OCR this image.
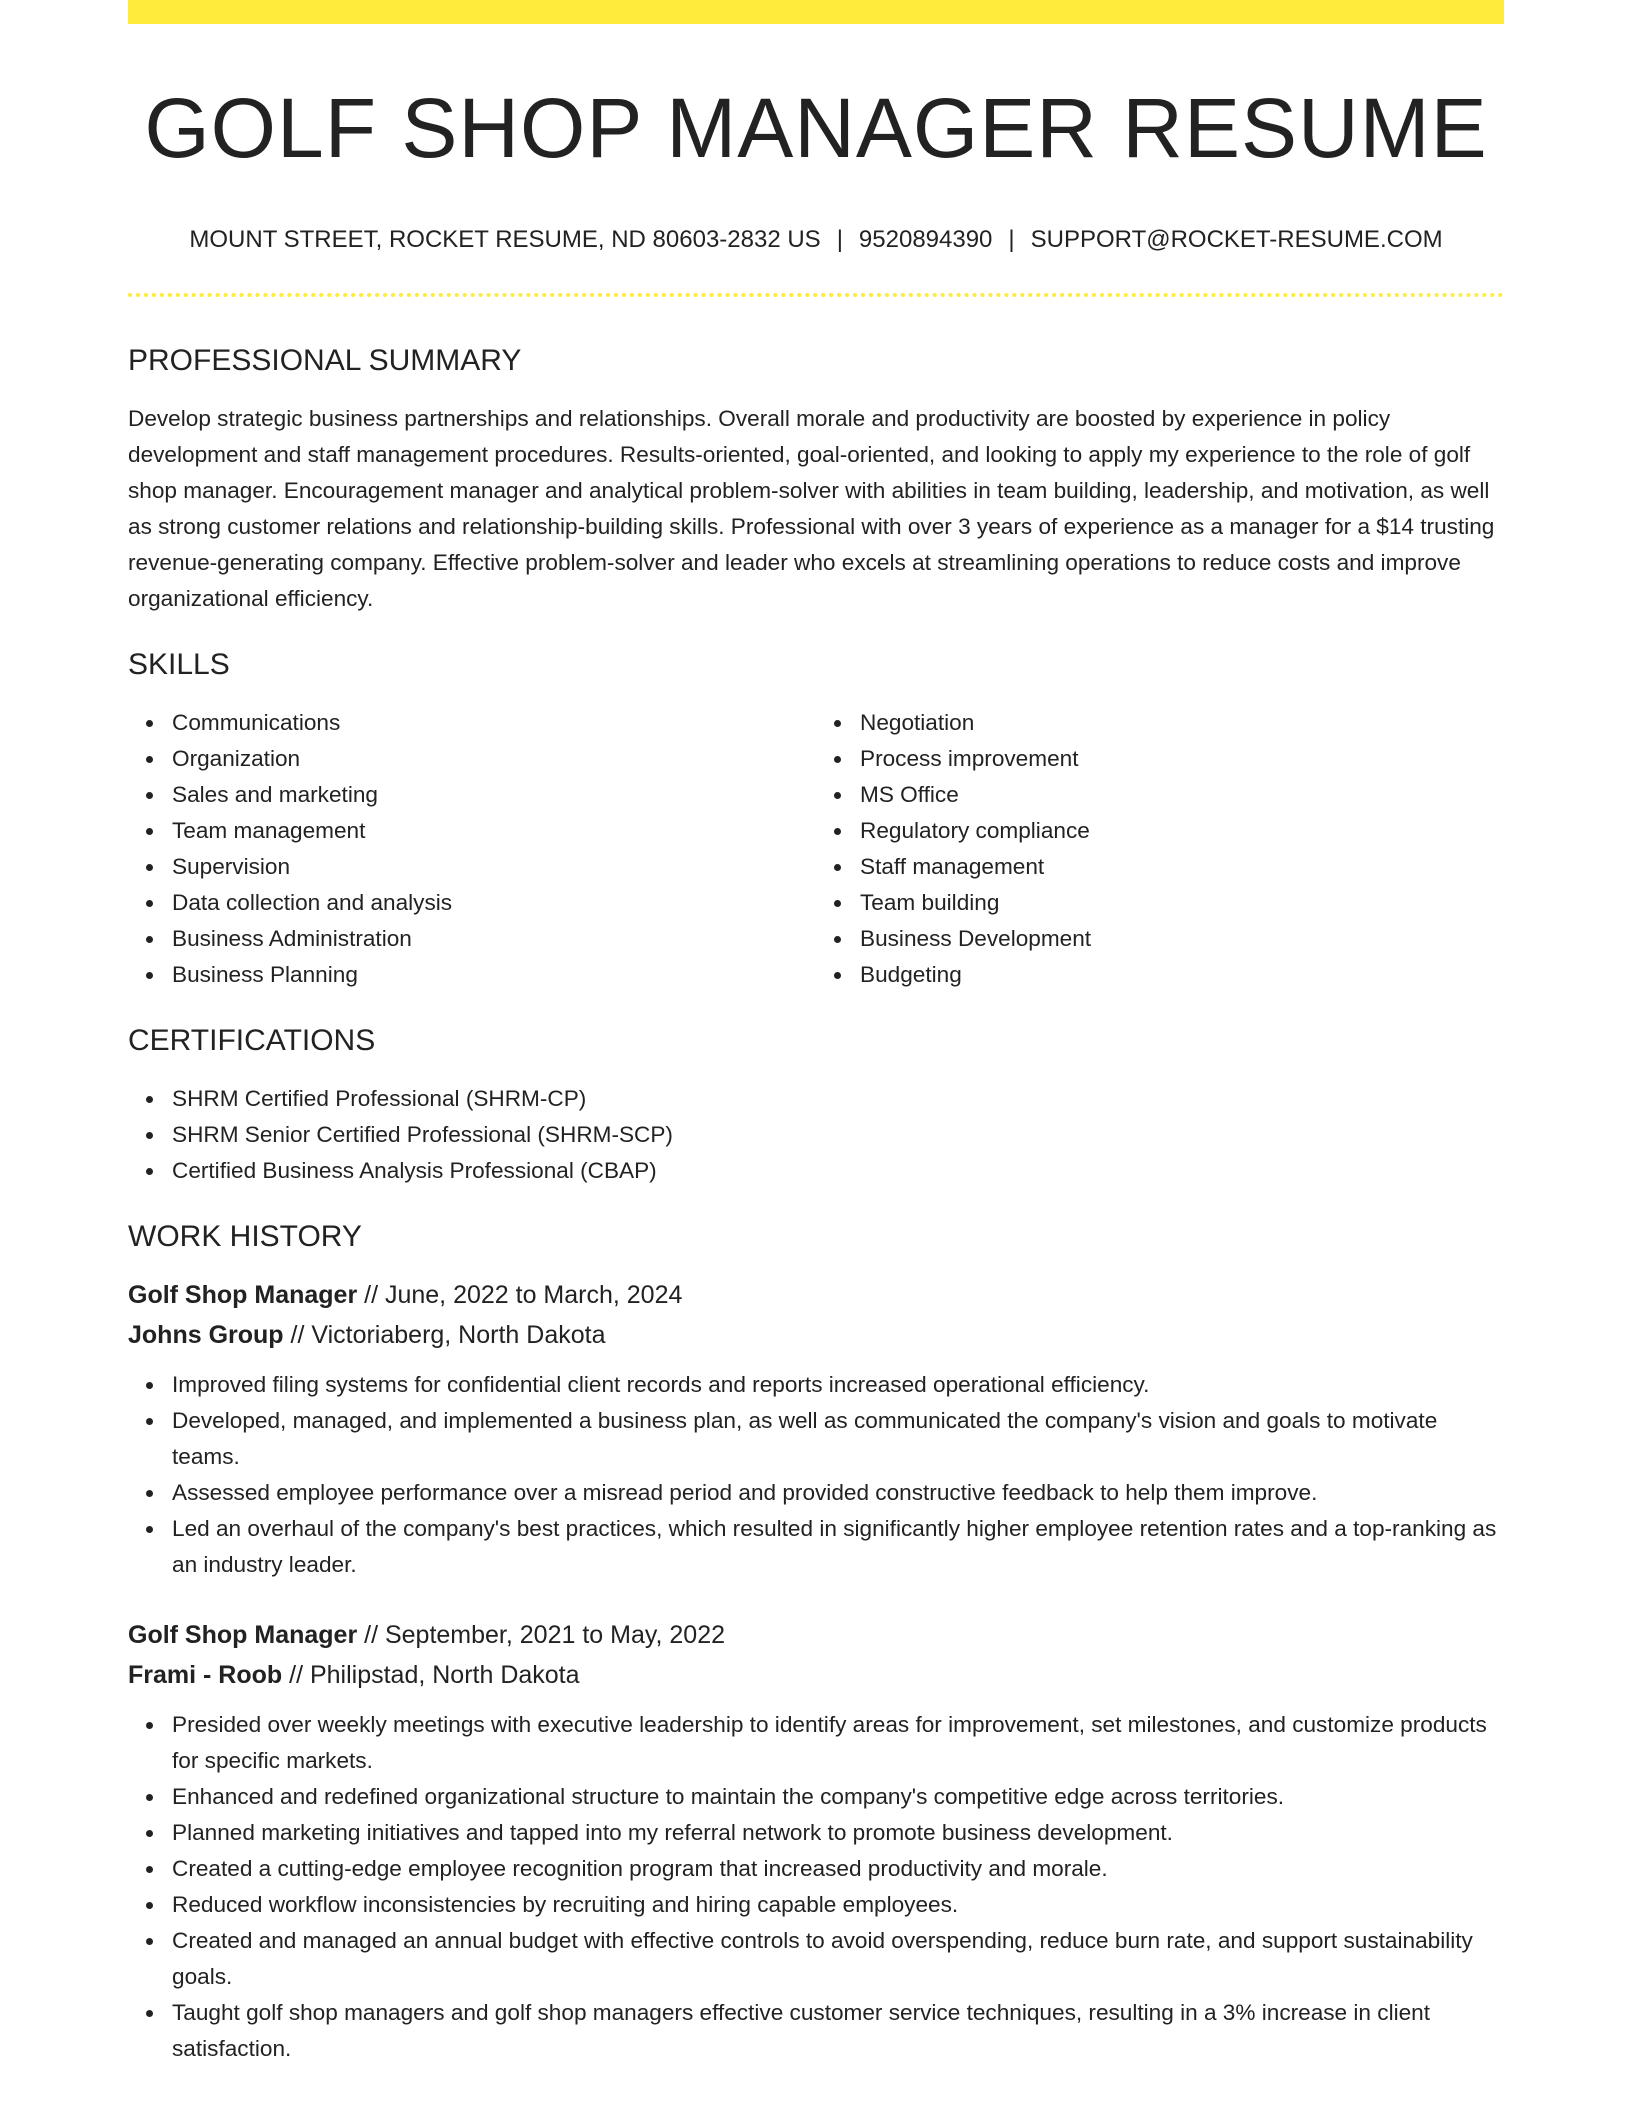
GOLF SHOP MANAGER RESUME
MOUNT STREET, ROCKET RESUME, ND 80603-2832 US | 9520894390 | SUPPORT@ROCKET-RESUME.COM
PROFESSIONAL SUMMARY

Develop strategic business partnerships and relationships. Overall morale and productivity are boosted by experience in policy development and staff management procedures. Results-oriented, goal-oriented, and looking to apply my experience to the role of golf shop manager. Encouragement manager and analytical problem-solver with abilities in team building, leadership, and motivation, as well as strong customer relations and relationship-building skills. Professional with over 3 years of experience as a manager for a $14 trusting revenue-generating company. Effective problem-solver and leader who excels at streamlining operations to reduce costs and improve organizational efficiency.

SKILLS
Communications
Organization
Sales and marketing
Team management
Supervision
Data collection and analysis
Business Administration
Business Planning
Negotiation
Process improvement
MS Office
Regulatory compliance
Staff management
Team building
Business Development
Budgeting
CERTIFICATIONS
SHRM Certified Professional (SHRM-CP)
SHRM Senior Certified Professional (SHRM-SCP)
Certified Business Analysis Professional (CBAP)
WORK HISTORY
Golf Shop Manager // June, 2022 to March, 2024
Johns Group // Victoriaberg, North Dakota
Improved filing systems for confidential client records and reports increased operational efficiency.
Developed, managed, and implemented a business plan, as well as communicated the company's vision and goals to motivate teams.
Assessed employee performance over a misread period and provided constructive feedback to help them improve.
Led an overhaul of the company's best practices, which resulted in significantly higher employee retention rates and a top-ranking as an industry leader.
Golf Shop Manager // September, 2021 to May, 2022
Frami - Roob // Philipstad, North Dakota
Presided over weekly meetings with executive leadership to identify areas for improvement, set milestones, and customize products for specific markets.
Enhanced and redefined organizational structure to maintain the company's competitive edge across territories.
Planned marketing initiatives and tapped into my referral network to promote business development.
Created a cutting-edge employee recognition program that increased productivity and morale.
Reduced workflow inconsistencies by recruiting and hiring capable employees.
Created and managed an annual budget with effective controls to avoid overspending, reduce burn rate, and support sustainability goals.
Taught golf shop managers and golf shop managers effective customer service techniques, resulting in a 3% increase in client satisfaction.
